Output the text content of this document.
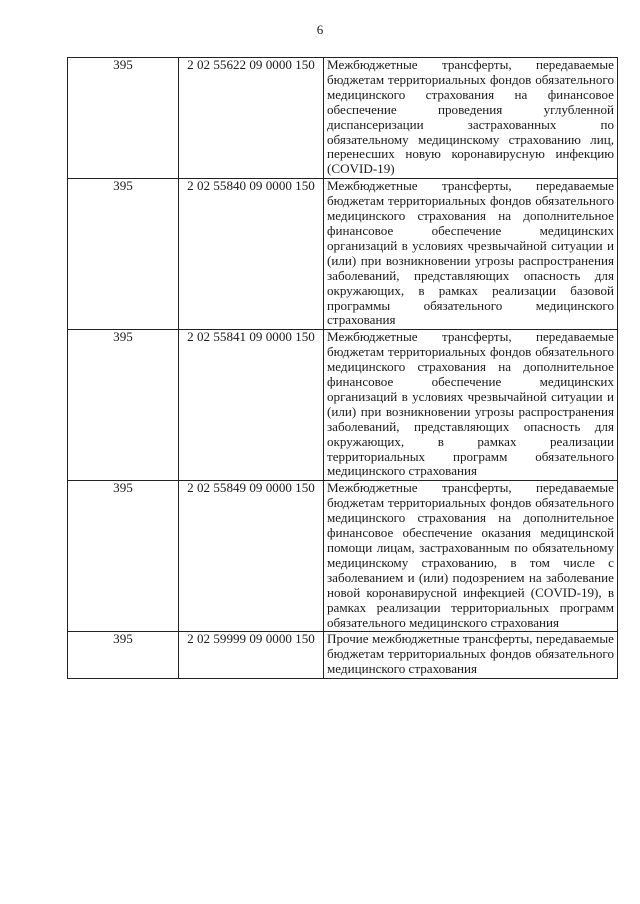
6
395	2 02 55622 09 0000 150	Межбюджетные трансферты, передаваемые бюджетам территориальных фондов обязательного медицинского страхования на финансовое обеспечение проведения углубленной диспансеризации застрахованных по обязательному медицинскому страхованию лиц, перенесших новую коронавирусную инфекцию (COVID-19)
395	2 02 55840 09 0000 150	Межбюджетные трансферты, передаваемые бюджетам территориальных фондов обязательного медицинского страхования на дополнительное финансовое обеспечение медицинских организаций в условиях чрезвычайной ситуации и (или) при возникновении угрозы распространения заболеваний, представляющих опасность для окружающих, в рамках реализации базовой программы обязательного медицинского страхования
395	2 02 55841 09 0000 150	Межбюджетные трансферты, передаваемые бюджетам территориальных фондов обязательного медицинского страхования на дополнительное финансовое обеспечение медицинских организаций в условиях чрезвычайной ситуации и (или) при возникновении угрозы распространения заболеваний, представляющих опасность для окружающих, в рамках реализации территориальных программ обязательного медицинского страхования
395	2 02 55849 09 0000 150	Межбюджетные трансферты, передаваемые бюджетам территориальных фондов обязательного медицинского страхования на дополнительное финансовое обеспечение оказания медицинской помощи лицам, застрахованным по обязательному медицинскому страхованию, в том числе с заболеванием и (или) подозрением на заболевание новой коронавирусной инфекцией (COVID-19), в рамках реализации территориальных программ обязательного медицинского страхования
395	2 02 59999 09 0000 150	Прочие межбюджетные трансферты, передаваемые бюджетам территориальных фондов обязательного медицинского страхования
